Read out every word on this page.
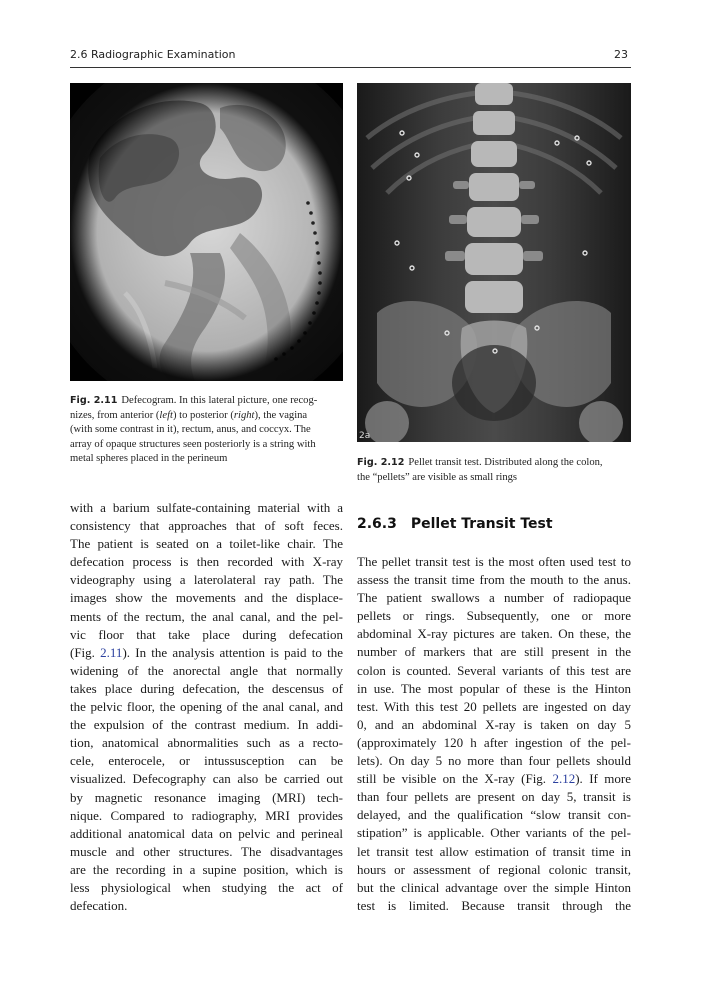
2.6 Radiographic Examination	23
Fig. 2.11 Defecogram. In this lateral picture, one recog-
nizes, from anterior (left) to posterior (right), the vagina
(with some contrast in it), rectum, anus, and coccyx. The
array of opaque structures seen posteriorly is a string with
metal spheres placed in the perineum
2a
Fig. 2.12 Pellet transit test. Distributed along the colon,
the “pellets” are visible as small rings
with a barium sulfate-containing material with a
consistency that approaches that of soft feces.
The patient is seated on a toilet-like chair. The
defecation process is then recorded with X-ray
videography using a laterolateral ray path. The
images show the movements and the displace-
ments of the rectum, the anal canal, and the pel-
vic floor that take place during defecation
(Fig. 2.11). In the analysis attention is paid to the
widening of the anorectal angle that normally
takes place during defecation, the descensus of
the pelvic floor, the opening of the anal canal, and
the expulsion of the contrast medium. In addi-
tion, anatomical abnormalities such as a recto-
cele, enterocele, or intussusception can be
visualized. Defecography can also be carried out
by magnetic resonance imaging (MRI) tech-
nique. Compared to radiography, MRI provides
additional anatomical data on pelvic and perineal
muscle and other structures. The disadvantages
are the recording in a supine position, which is
less physiological when studying the act of
defecation.
2.6.3 Pellet Transit Test
The pellet transit test is the most often used test to
assess the transit time from the mouth to the anus.
The patient swallows a number of radiopaque
pellets or rings. Subsequently, one or more
abdominal X-ray pictures are taken. On these, the
number of markers that are still present in the
colon is counted. Several variants of this test are
in use. The most popular of these is the Hinton
test. With this test 20 pellets are ingested on day
0, and an abdominal X-ray is taken on day 5
(approximately 120 h after ingestion of the pel-
lets). On day 5 no more than four pellets should
still be visible on the X-ray (Fig. 2.12). If more
than four pellets are present on day 5, transit is
delayed, and the qualification “slow transit con-
stipation” is applicable. Other variants of the pel-
let transit test allow estimation of transit time in
hours or assessment of regional colonic transit,
but the clinical advantage over the simple Hinton
test is limited. Because transit through the
